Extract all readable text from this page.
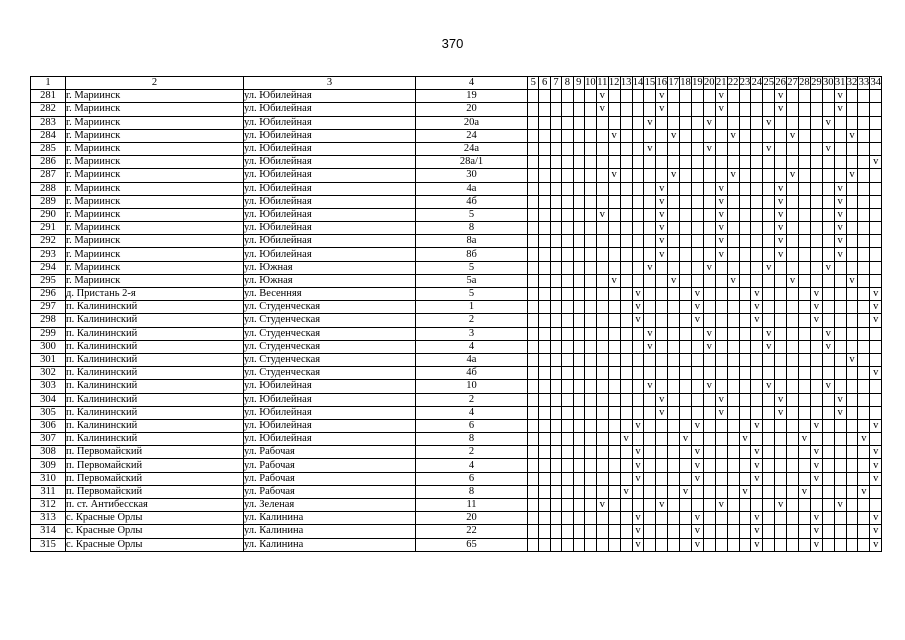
370
1	2	3	4	5	6	7	8	9	10	11	12	13	14	15	16	17	18	19	20	21	22	23	24	25	26	27	28	29	30	31	32	33	34
281	г. Мариинск	ул. Юбилейная	19							v					v					v					v					v			
282	г. Мариинск	ул. Юбилейная	20							v					v					v					v					v			
283	г. Мариинск	ул. Юбилейная	20а											v					v					v					v				
284	г. Мариинск	ул. Юбилейная	24								v					v					v					v					v		
285	г. Мариинск	ул. Юбилейная	24а											v					v					v					v				
286	г. Мариинск	ул. Юбилейная	28а/1																														v
287	г. Мариинск	ул. Юбилейная	30								v					v					v					v					v		
288	г. Мариинск	ул. Юбилейная	4а												v					v					v					v			
289	г. Мариинск	ул. Юбилейная	4б												v					v					v					v			
290	г. Мариинск	ул. Юбилейная	5							v					v					v					v					v			
291	г. Мариинск	ул. Юбилейная	8												v					v					v					v			
292	г. Мариинск	ул. Юбилейная	8а												v					v					v					v			
293	г. Мариинск	ул. Юбилейная	8б												v					v					v					v			
294	г. Мариинск	ул. Южная	5											v					v					v					v				
295	г. Мариинск	ул. Южная	5а								v					v					v					v					v		
296	д. Пристань 2-я	ул. Весенняя	5										v					v					v					v					v
297	п. Калининский	ул. Студенческая	1										v					v					v					v					v
298	п. Калининский	ул. Студенческая	2										v					v					v					v					v
299	п. Калининский	ул. Студенческая	3											v					v					v					v				
300	п. Калининский	ул. Студенческая	4											v					v					v					v				
301	п. Калининский	ул. Студенческая	4а																												v		
302	п. Калининский	ул. Студенческая	4б																														v
303	п. Калининский	ул. Юбилейная	10											v					v					v					v				
304	п. Калининский	ул. Юбилейная	2												v					v					v					v			
305	п. Калининский	ул. Юбилейная	4												v					v					v					v			
306	п. Калининский	ул. Юбилейная	6										v					v					v					v					v
307	п. Калининский	ул. Юбилейная	8									v					v					v					v					v	
308	п. Первомайский	ул. Рабочая	2										v					v					v					v					v
309	п. Первомайский	ул. Рабочая	4										v					v					v					v					v
310	п. Первомайский	ул. Рабочая	6										v					v					v					v					v
311	п. Первомайский	ул. Рабочая	8									v					v					v					v					v	
312	п. ст. Антибесская	ул. Зеленая	11							v					v					v					v					v			
313	с. Красные Орлы	ул. Калинина	20										v					v					v					v					v
314	с. Красные Орлы	ул. Калинина	22										v					v					v					v					v
315	с. Красные Орлы	ул. Калинина	65										v					v					v					v					v
